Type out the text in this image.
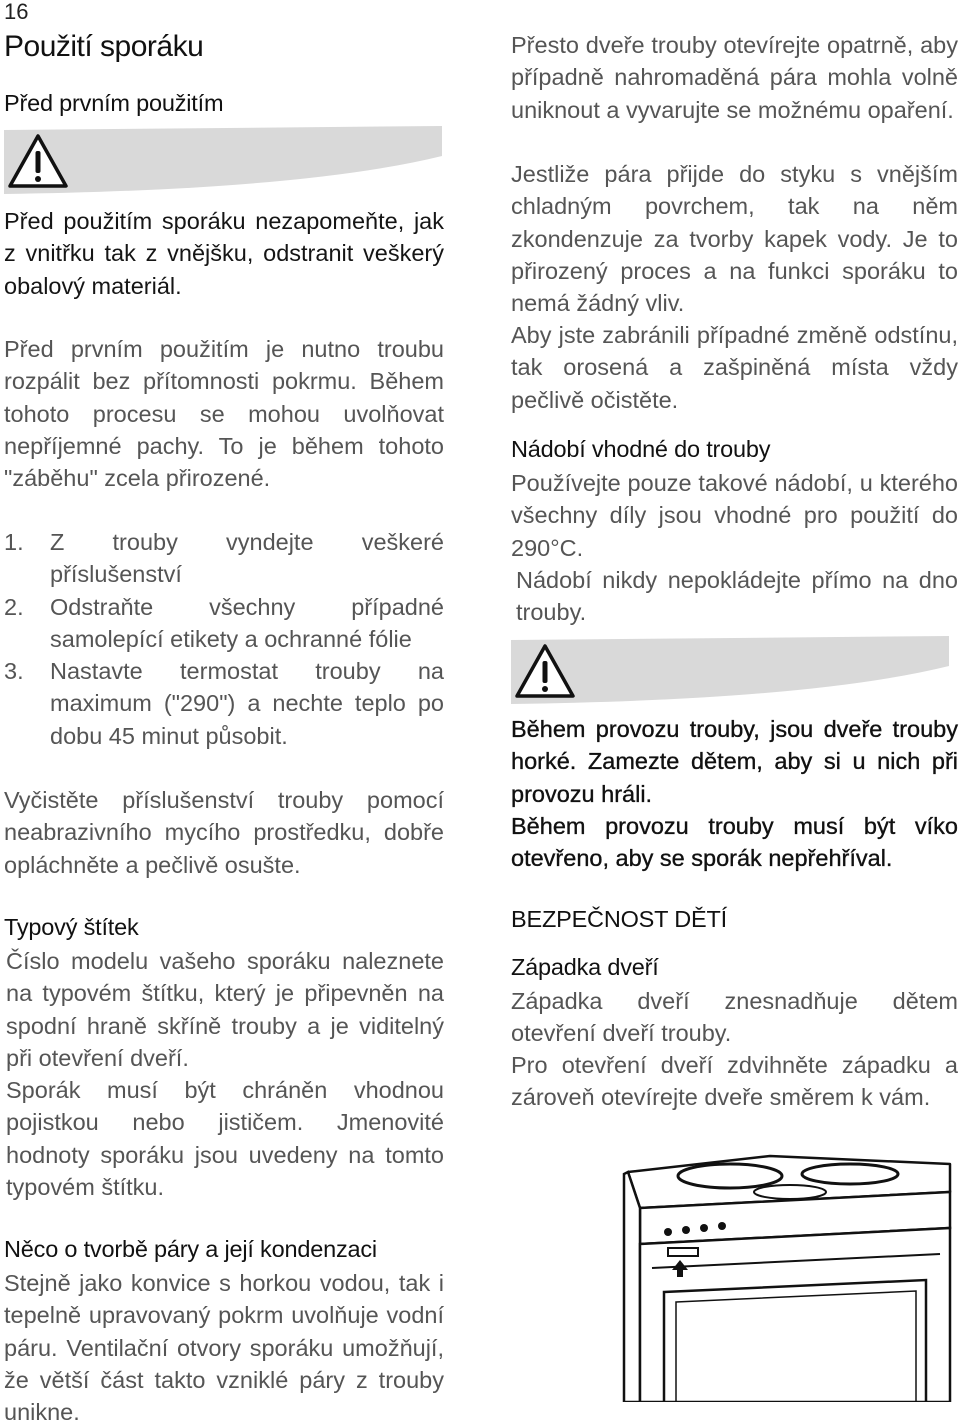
16
Použití sporáku
Před prvním použitím

Před použitím sporáku nezapomeňte, jak z vnitřku tak z vnějšku, odstranit veškerý obalový materiál.

Před prvním použitím je nutno troubu rozpálit bez přítomnosti pokrmu. Během tohoto procesu se mohou uvolňovat nepříjemné pachy. To je během tohoto "záběhu" zcela přirozené.

1. Z trouby vyndejte veškeré příslušenství
2. Odstraňte všechny případné samolepící etikety a ochranné fólie
3. Nastavte termostat trouby na maximum ("290") a nechte teplo po dobu 45 minut působit.

Vyčistěte příslušenství trouby pomocí neabrazivního mycího prostředku, dobře opláchněte a pečlivě osušte.

Typový štítek

Číslo modelu vašeho sporáku naleznete na typovém štítku, který je připevněn na spodní hraně skříně trouby a je viditelný při otevření dveří.

Sporák musí být chráněn vhodnou pojistkou nebo jističem. Jmenovité hodnoty sporáku jsou uvedeny na tomto typovém štítku.

Něco o tvorbě páry a její kondenzaci

Stejně jako konvice s horkou vodou, tak i tepelně upravovaný pokrm uvolňuje vodní páru. Ventilační otvory sporáku umožňují, že větší část takto vzniklé páry z trouby unikne.

Přesto dveře trouby otevírejte opatrně, aby případně nahromaděná pára mohla volně uniknout a vyvarujte se možnému opaření.

Jestliže pára přijde do styku s vnějším chladným povrchem, tak na něm zkondenzuje za tvorby kapek vody. Je to přirozený proces a na funkci sporáku to nemá žádný vliv.

Aby jste zabránili případné změně odstínu, tak orosená a zašpiněná místa vždy pečlivě očistěte.

Nádobí vhodné do trouby

Používejte pouze takové nádobí, u kterého všechny díly jsou vhodné pro použití do 290°C.

Nádobí nikdy nepokládejte přímo na dno trouby.

Během provozu trouby, jsou dveře trouby horké. Zamezte dětem, aby si u nich při provozu hráli.

Během provozu trouby musí být víko otevřeno, aby se sporák nepřehříval.

BEZPEČNOST DĚTÍ
Západka dveří

Západka dveří znesnadňuje dětem otevření dveří trouby.

Pro otevření dveří zdvihněte západku a zároveň otevírejte dveře směrem k vám.
